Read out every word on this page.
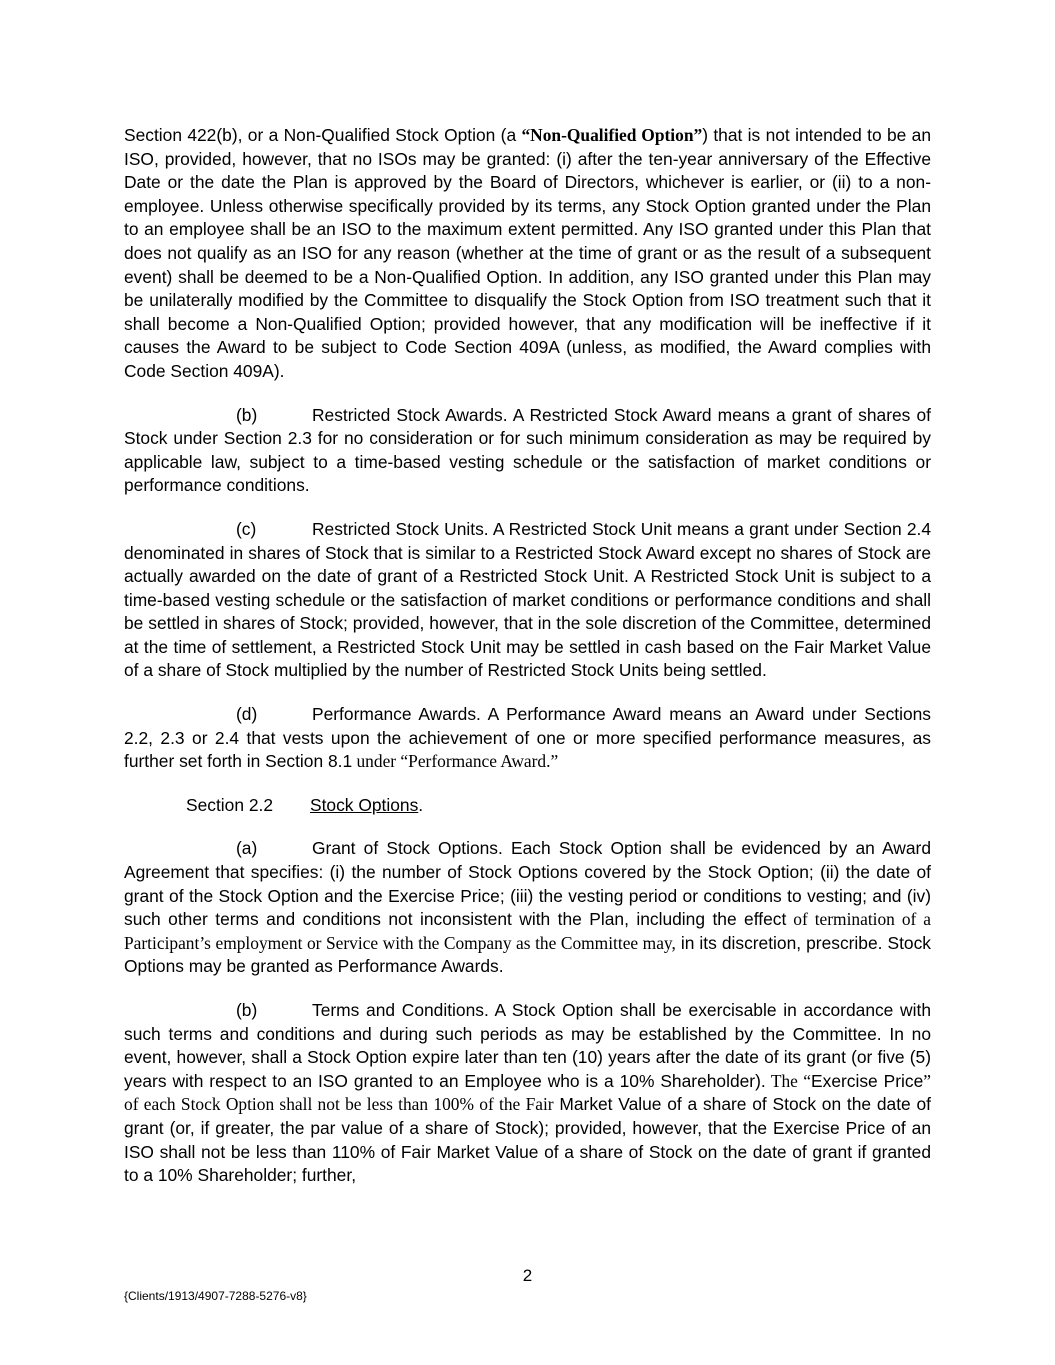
Section 422(b), or a Non-Qualified Stock Option (a “Non-Qualified Option”) that is not intended to be an ISO, provided, however, that no ISOs may be granted: (i) after the ten-year anniversary of the Effective Date or the date the Plan is approved by the Board of Directors, whichever is earlier, or (ii) to a non-employee. Unless otherwise specifically provided by its terms, any Stock Option granted under the Plan to an employee shall be an ISO to the maximum extent permitted. Any ISO granted under this Plan that does not qualify as an ISO for any reason (whether at the time of grant or as the result of a subsequent event) shall be deemed to be a Non-Qualified Option. In addition, any ISO granted under this Plan may be unilaterally modified by the Committee to disqualify the Stock Option from ISO treatment such that it shall become a Non-Qualified Option; provided however, that any modification will be ineffective if it causes the Award to be subject to Code Section 409A (unless, as modified, the Award complies with Code Section 409A).

(b)	Restricted Stock Awards. A Restricted Stock Award means a grant of shares of Stock under Section 2.3 for no consideration or for such minimum consideration as may be required by applicable law, subject to a time-based vesting schedule or the satisfaction of market conditions or performance conditions.

(c)	Restricted Stock Units. A Restricted Stock Unit means a grant under Section 2.4 denominated in shares of Stock that is similar to a Restricted Stock Award except no shares of Stock are actually awarded on the date of grant of a Restricted Stock Unit. A Restricted Stock Unit is subject to a time-based vesting schedule or the satisfaction of market conditions or performance conditions and shall be settled in shares of Stock; provided, however, that in the sole discretion of the Committee, determined at the time of settlement, a Restricted Stock Unit may be settled in cash based on the Fair Market Value of a share of Stock multiplied by the number of Restricted Stock Units being settled.

(d)	Performance Awards. A Performance Award means an Award under Sections 2.2, 2.3 or 2.4 that vests upon the achievement of one or more specified performance measures, as further set forth in Section 8.1 under “Performance Award.”

Section 2.2 Stock Options.

(a)	Grant of Stock Options. Each Stock Option shall be evidenced by an Award Agreement that specifies: (i) the number of Stock Options covered by the Stock Option; (ii) the date of grant of the Stock Option and the Exercise Price; (iii) the vesting period or conditions to vesting; and (iv) such other terms and conditions not inconsistent with the Plan, including the effect of termination of a Participant’s employment or Service with the Company as the Committee may, in its discretion, prescribe. Stock Options may be granted as Performance Awards.

(b)	Terms and Conditions. A Stock Option shall be exercisable in accordance with such terms and conditions and during such periods as may be established by the Committee. In no event, however, shall a Stock Option expire later than ten (10) years after the date of its grant (or five (5) years with respect to an ISO granted to an Employee who is a 10% Shareholder). The “Exercise Price” of each Stock Option shall not be less than 100% of the Fair Market Value of a share of Stock on the date of grant (or, if greater, the par value of a share of Stock); provided, however, that the Exercise Price of an ISO shall not be less than 110% of Fair Market Value of a share of Stock on the date of grant if granted to a 10% Shareholder; further,

2
{Clients/1913/4907-7288-5276-v8}
